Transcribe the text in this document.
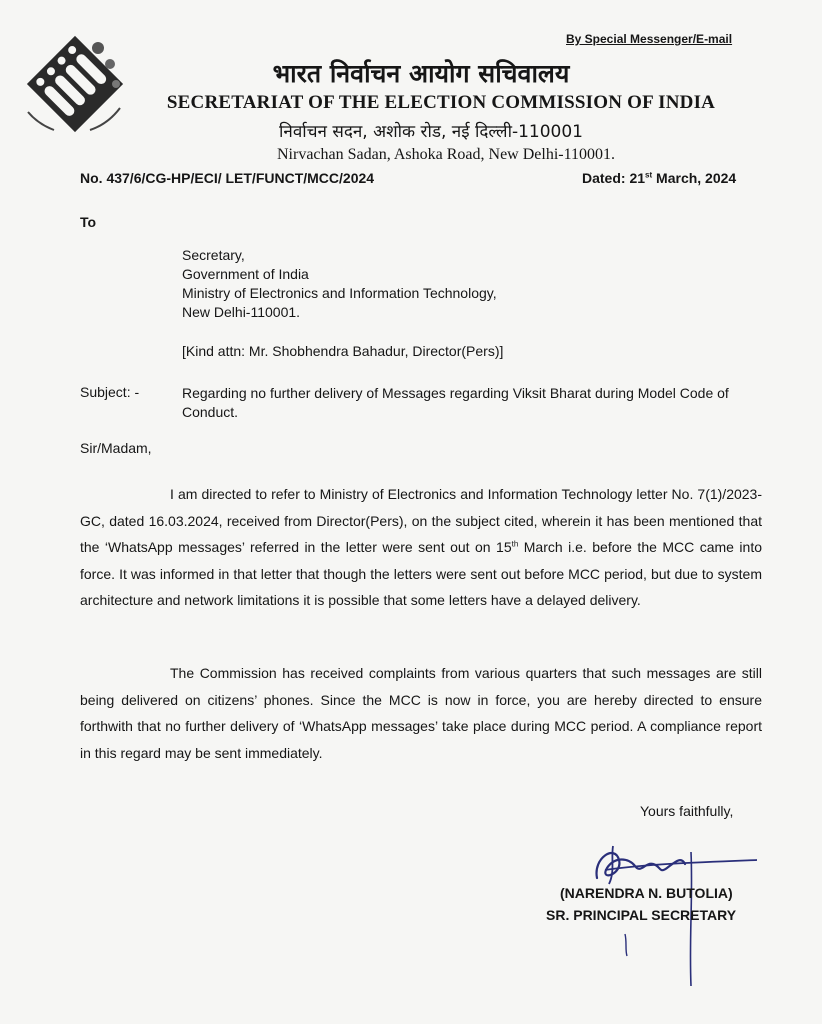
By Special Messenger/E-mail
भारत निर्वाचन आयोग सचिवालय
SECRETARIAT OF THE ELECTION COMMISSION OF INDIA
निर्वाचन सदन, अशोक रोड, नई दिल्ली-110001
Nirvachan Sadan, Ashoka Road, New Delhi-110001.
No. 437/6/CG-HP/ECI/ LET/FUNCT/MCC/2024	Dated: 21st March, 2024
To
Secretary,
Government of India
Ministry of Electronics and Information Technology,
New Delhi-110001.
[Kind attn: Mr. Shobhendra Bahadur, Director(Pers)]
Subject: -	Regarding no further delivery of Messages regarding Viksit Bharat during Model Code of Conduct.
Sir/Madam,
I am directed to refer to Ministry of Electronics and Information Technology letter No. 7(1)/2023-GC, dated 16.03.2024, received from Director(Pers), on the subject cited, wherein it has been mentioned that the ‘WhatsApp messages’ referred in the letter were sent out on 15th March i.e. before the MCC came into force. It was informed in that letter that though the letters were sent out before MCC period, but due to system architecture and network limitations it is possible that some letters have a delayed delivery.
The Commission has received complaints from various quarters that such messages are still being delivered on citizens’ phones. Since the MCC is now in force, you are hereby directed to ensure forthwith that no further delivery of ‘WhatsApp messages’ take place during MCC period. A compliance report in this regard may be sent immediately.
Yours faithfully,
(NARENDRA N. BUTOLIA)
SR. PRINCIPAL SECRETARY
